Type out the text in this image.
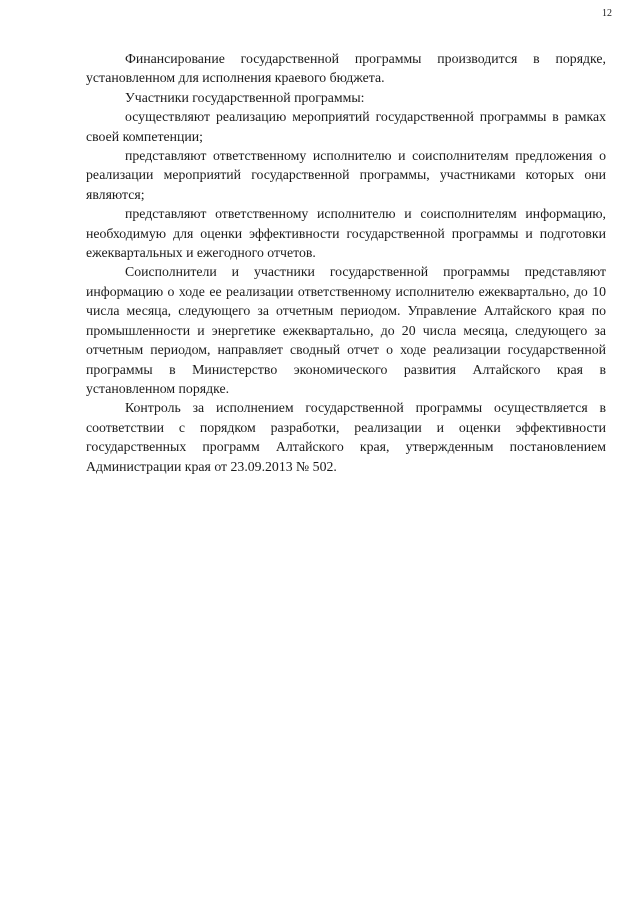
12

Финансирование государственной программы производится в порядке, установленном для исполнения краевого бюджета.

Участники государственной программы:

осуществляют реализацию мероприятий государственной программы в рамках своей компетенции;

представляют ответственному исполнителю и соисполнителям предложения о реализации мероприятий государственной программы, участниками которых они являются;

представляют ответственному исполнителю и соисполнителям информацию, необходимую для оценки эффективности государственной программы и подготовки ежеквартальных и ежегодного отчетов.

Соисполнители и участники государственной программы представляют информацию о ходе ее реализации ответственному исполнителю ежеквартально, до 10 числа месяца, следующего за отчетным периодом. Управление Алтайского края по промышленности и энергетике ежеквартально, до 20 числа месяца, следующего за отчетным периодом, направляет сводный отчет о ходе реализации государственной программы в Министерство экономического развития Алтайского края в установленном порядке.

Контроль за исполнением государственной программы осуществляется в соответствии с порядком разработки, реализации и оценки эффективности государственных программ Алтайского края, утвержденным постановлением Администрации края от 23.09.2013 № 502.
